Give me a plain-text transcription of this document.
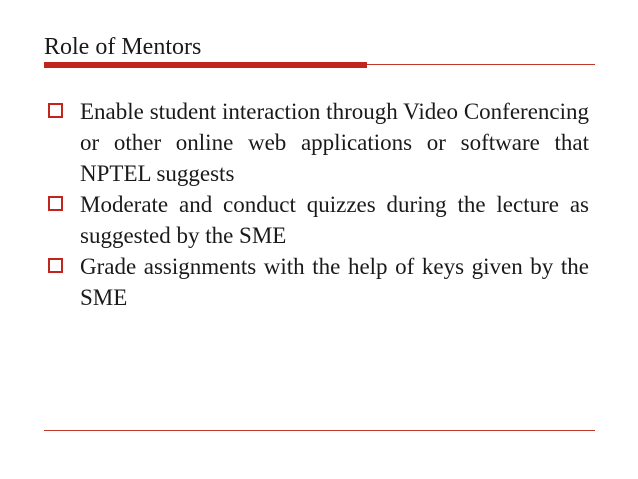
Role of Mentors
Enable student interaction through Video Conferencing or other online web applications or software that NPTEL suggests
Moderate and conduct quizzes during the lecture as suggested by the SME
Grade assignments with the help of keys given by the SME
